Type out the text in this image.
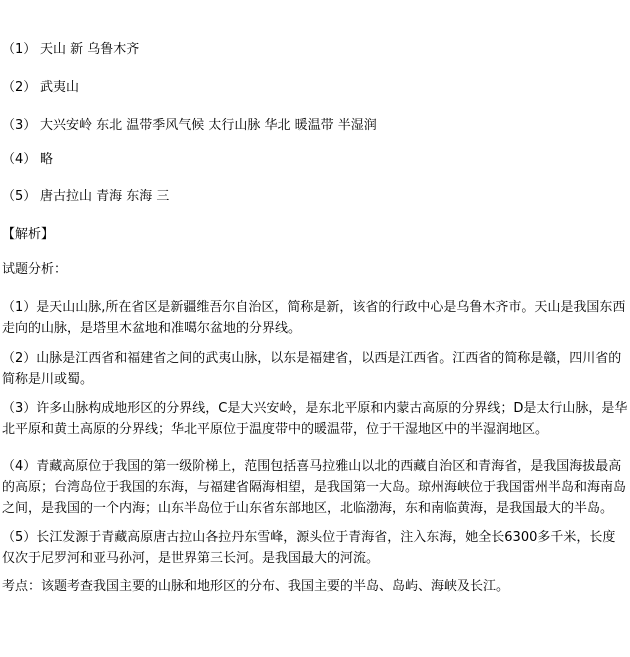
（1） 天山 新 乌鲁木齐
（2） 武夷山
（3） 大兴安岭 东北 温带季风气候 太行山脉 华北 暖温带 半湿润
（4） 略
（5） 唐古拉山 青海 东海 三
【解析】
试题分析：
（1）是天山山脉,所在省区是新疆维吾尔自治区，简称是新，该省的行政中心是乌鲁木齐市。天山是我国东西走向的山脉，是塔里木盆地和准噶尔盆地的分界线。
（2）山脉是江西省和福建省之间的武夷山脉，以东是福建省，以西是江西省。江西省的简称是赣，四川省的简称是川或蜀。
（3）许多山脉构成地形区的分界线，C是大兴安岭，是东北平原和内蒙古高原的分界线；D是太行山脉，是华北平原和黄土高原的分界线；华北平原位于温度带中的暖温带，位于干湿地区中的半湿润地区。
（4）青藏高原位于我国的第一级阶梯上，范围包括喜马拉雅山以北的西藏自治区和青海省，是我国海拔最高的高原；台湾岛位于我国的东海，与福建省隔海相望，是我国第一大岛。琼州海峡位于我国雷州半岛和海南岛之间，是我国的一个内海；山东半岛位于山东省东部地区，北临渤海，东和南临黄海，是我国最大的半岛。
（5）长江发源于青藏高原唐古拉山各拉丹东雪峰，源头位于青海省，注入东海，她全长6300多千米，长度仅次于尼罗河和亚马孙河，是世界第三长河。是我国最大的河流。
考点：该题考查我国主要的山脉和地形区的分布、我国主要的半岛、岛屿、海峡及长江。
